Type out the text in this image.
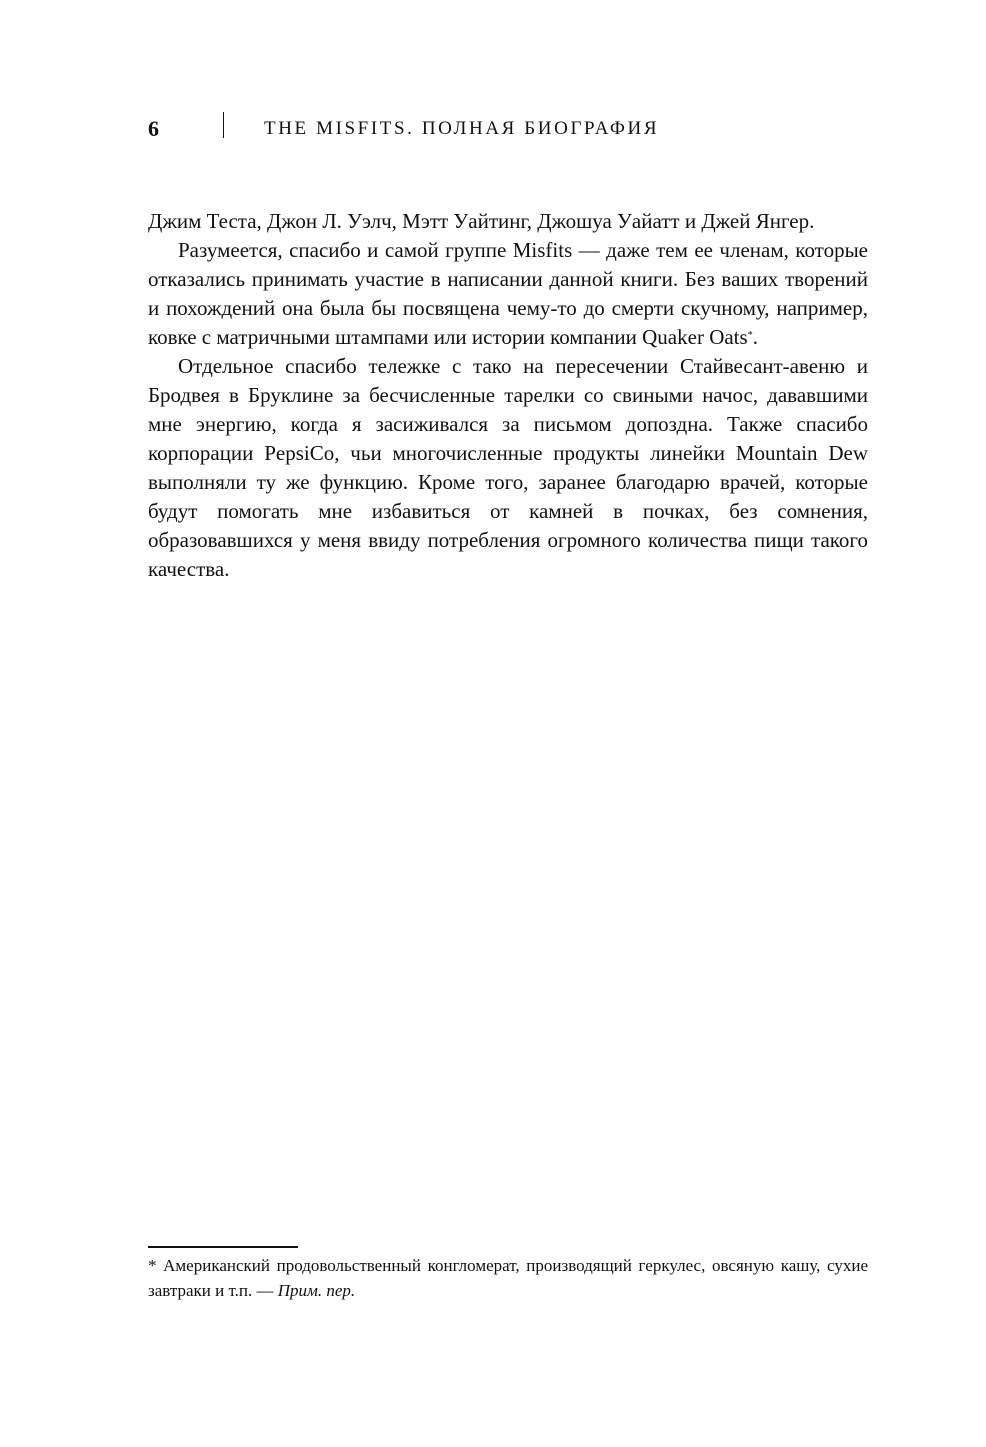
6	THE MISFITS. ПОЛНАЯ БИОГРАФИЯ

Джим Теста, Джон Л. Уэлч, Мэтт Уайтинг, Джошуа Уайатт и Джей Янгер.

Разумеется, спасибо и самой группе Misfits — даже тем ее членам, которые отказались принимать участие в написании данной книги. Без ваших творений и похождений она была бы посвящена чему-то до смерти скучному, например, ковке с матричными штампами или истории компании Quaker Oats*.

Отдельное спасибо тележке с тако на пересечении Стайвесант-авеню и Бродвея в Бруклине за бесчисленные тарелки со свиными начос, дававшими мне энергию, когда я засиживался за письмом допоздна. Также спасибо корпорации PepsiCo, чьи многочисленные продукты линейки Mountain Dew выполняли ту же функцию. Кроме того, заранее благодарю врачей, которые будут помогать мне избавиться от камней в почках, без сомнения, образовавшихся у меня ввиду потребления огромного количества пищи такого качества.

* Американский продовольственный конгломерат, производящий геркулес, овсяную кашу, сухие завтраки и т.п. — Прим. пер.
